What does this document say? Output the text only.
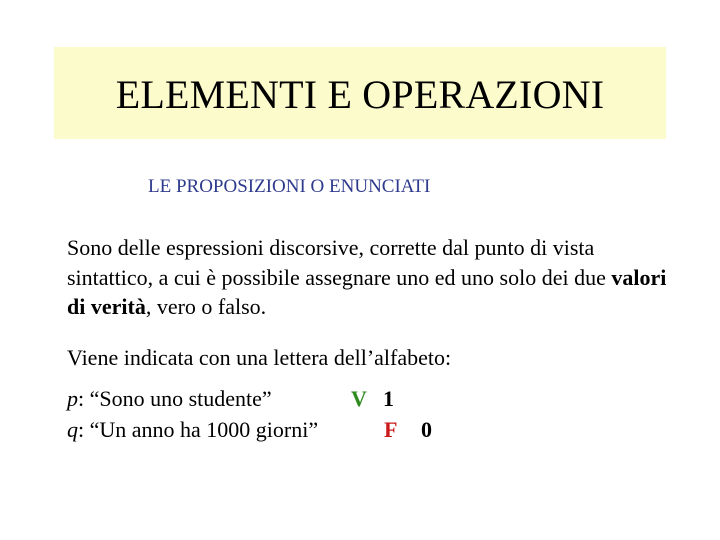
ELEMENTI E OPERAZIONI
LE PROPOSIZIONI O ENUNCIATI
Sono delle espressioni discorsive, corrette dal punto di vista sintattico, a cui è possibile assegnare uno ed uno solo dei due valori di verità, vero o falso.
Viene indicata con una lettera dell’alfabeto:
p: “Sono uno studente”	V 1
q: “Un anno ha 1000 giorni”	F 0
